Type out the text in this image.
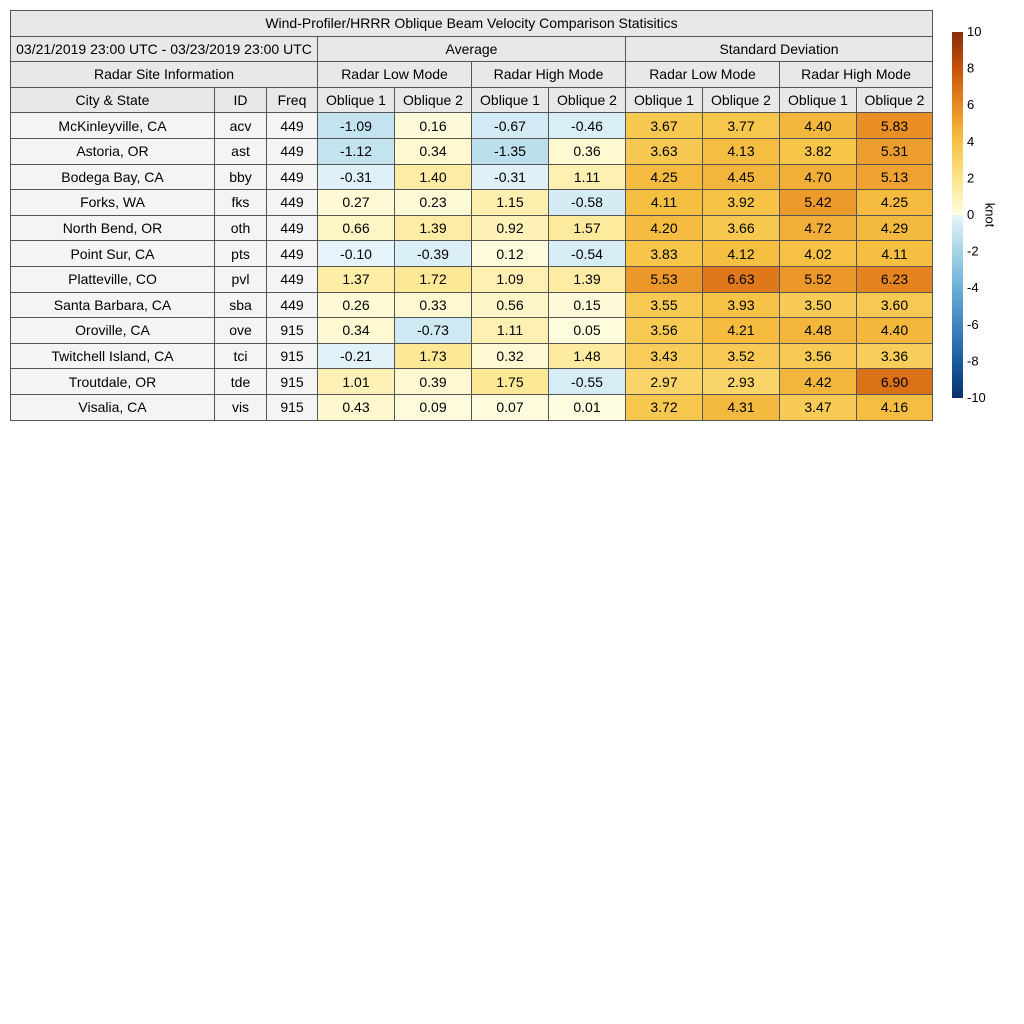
Wind-Profiler/HRRR Oblique Beam Velocity Comparison Statisitics										
03/21/2019 23:00 UTC - 03/23/2019 23:00 UTC			Average				Standard Deviation			
Radar Site Information			Radar Low Mode		Radar High Mode		Radar Low Mode		Radar High Mode	
City & State	ID	Freq	Oblique 1	Oblique 2	Oblique 1	Oblique 2	Oblique 1	Oblique 2	Oblique 1	Oblique 2
McKinleyville, CA	acv	449	-1.09	0.16	-0.67	-0.46	3.67	3.77	4.40	5.83
Astoria, OR	ast	449	-1.12	0.34	-1.35	0.36	3.63	4.13	3.82	5.31
Bodega Bay, CA	bby	449	-0.31	1.40	-0.31	1.11	4.25	4.45	4.70	5.13
Forks, WA	fks	449	0.27	0.23	1.15	-0.58	4.11	3.92	5.42	4.25
North Bend, OR	oth	449	0.66	1.39	0.92	1.57	4.20	3.66	4.72	4.29
Point Sur, CA	pts	449	-0.10	-0.39	0.12	-0.54	3.83	4.12	4.02	4.11
Platteville, CO	pvl	449	1.37	1.72	1.09	1.39	5.53	6.63	5.52	6.23
Santa Barbara, CA	sba	449	0.26	0.33	0.56	0.15	3.55	3.93	3.50	3.60
Oroville, CA	ove	915	0.34	-0.73	1.11	0.05	3.56	4.21	4.48	4.40
Twitchell Island, CA	tci	915	-0.21	1.73	0.32	1.48	3.43	3.52	3.56	3.36
Troutdale, OR	tde	915	1.01	0.39	1.75	-0.55	2.97	2.93	4.42	6.90
Visalia, CA	vis	915	0.43	0.09	0.07	0.01	3.72	4.31	3.47	4.16
10
8
6
4
2
0
-2
-4
-6
-8
-10
knot
